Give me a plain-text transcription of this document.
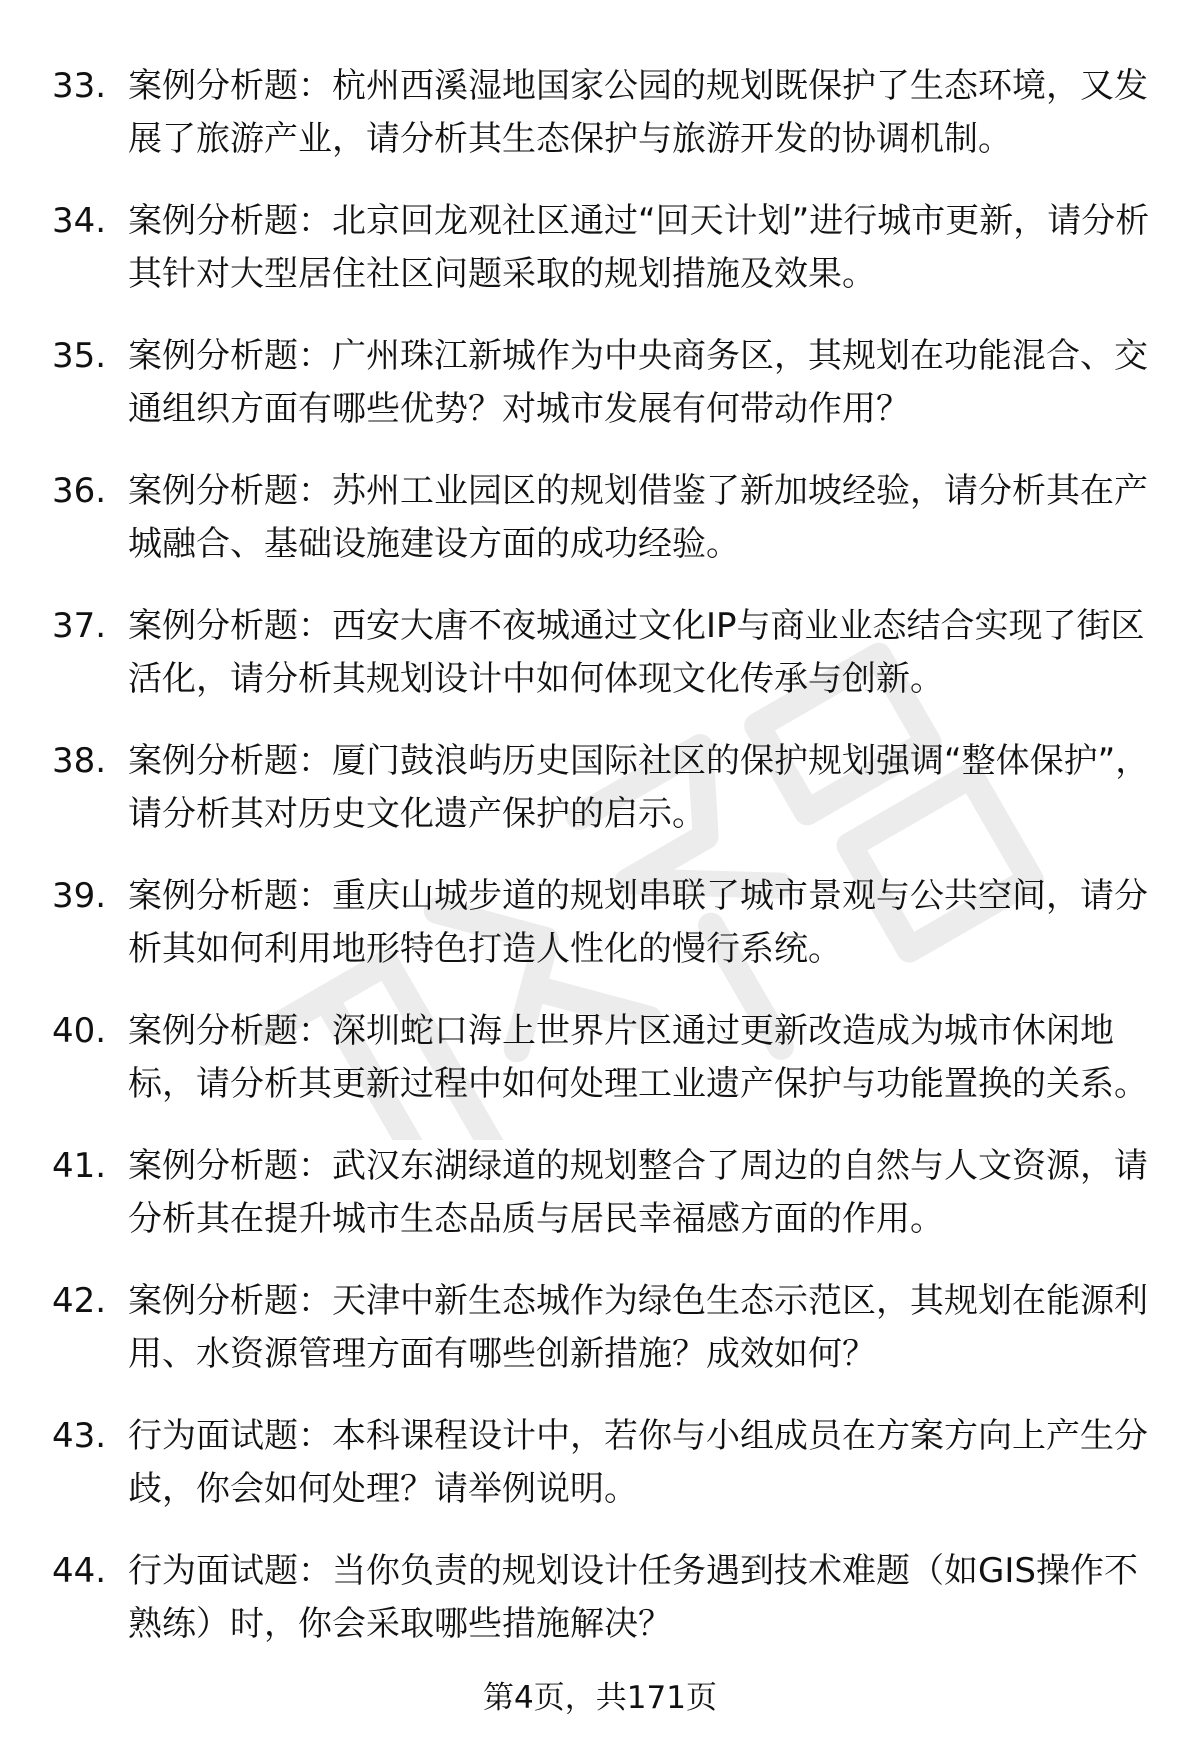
33. 案例分析题：杭州西溪湿地国家公园的规划既保护了生态环境，又发展了旅游产业，请分析其生态保护与旅游开发的协调机制。
34. 案例分析题：北京回龙观社区通过“回天计划”进行城市更新，请分析其针对大型居住社区问题采取的规划措施及效果。
35. 案例分析题：广州珠江新城作为中央商务区，其规划在功能混合、交通组织方面有哪些优势？对城市发展有何带动作用？
36. 案例分析题：苏州工业园区的规划借鉴了新加坡经验，请分析其在产城融合、基础设施建设方面的成功经验。
37. 案例分析题：西安大唐不夜城通过文化IP与商业业态结合实现了街区活化，请分析其规划设计中如何体现文化传承与创新。
38. 案例分析题：厦门鼓浪屿历史国际社区的保护规划强调“整体保护”，请分析其对历史文化遗产保护的启示。
39. 案例分析题：重庆山城步道的规划串联了城市景观与公共空间，请分析其如何利用地形特色打造人性化的慢行系统。
40. 案例分析题：深圳蛇口海上世界片区通过更新改造成为城市休闲地标，请分析其更新过程中如何处理工业遗产保护与功能置换的关系。
41. 案例分析题：武汉东湖绿道的规划整合了周边的自然与人文资源，请分析其在提升城市生态品质与居民幸福感方面的作用。
42. 案例分析题：天津中新生态城作为绿色生态示范区，其规划在能源利用、水资源管理方面有哪些创新措施？成效如何？
43. 行为面试题：本科课程设计中，若你与小组成员在方案方向上产生分歧，你会如何处理？请举例说明。
44. 行为面试题：当你负责的规划设计任务遇到技术难题（如GIS操作不熟练）时，你会采取哪些措施解决？
第4页，共171页
